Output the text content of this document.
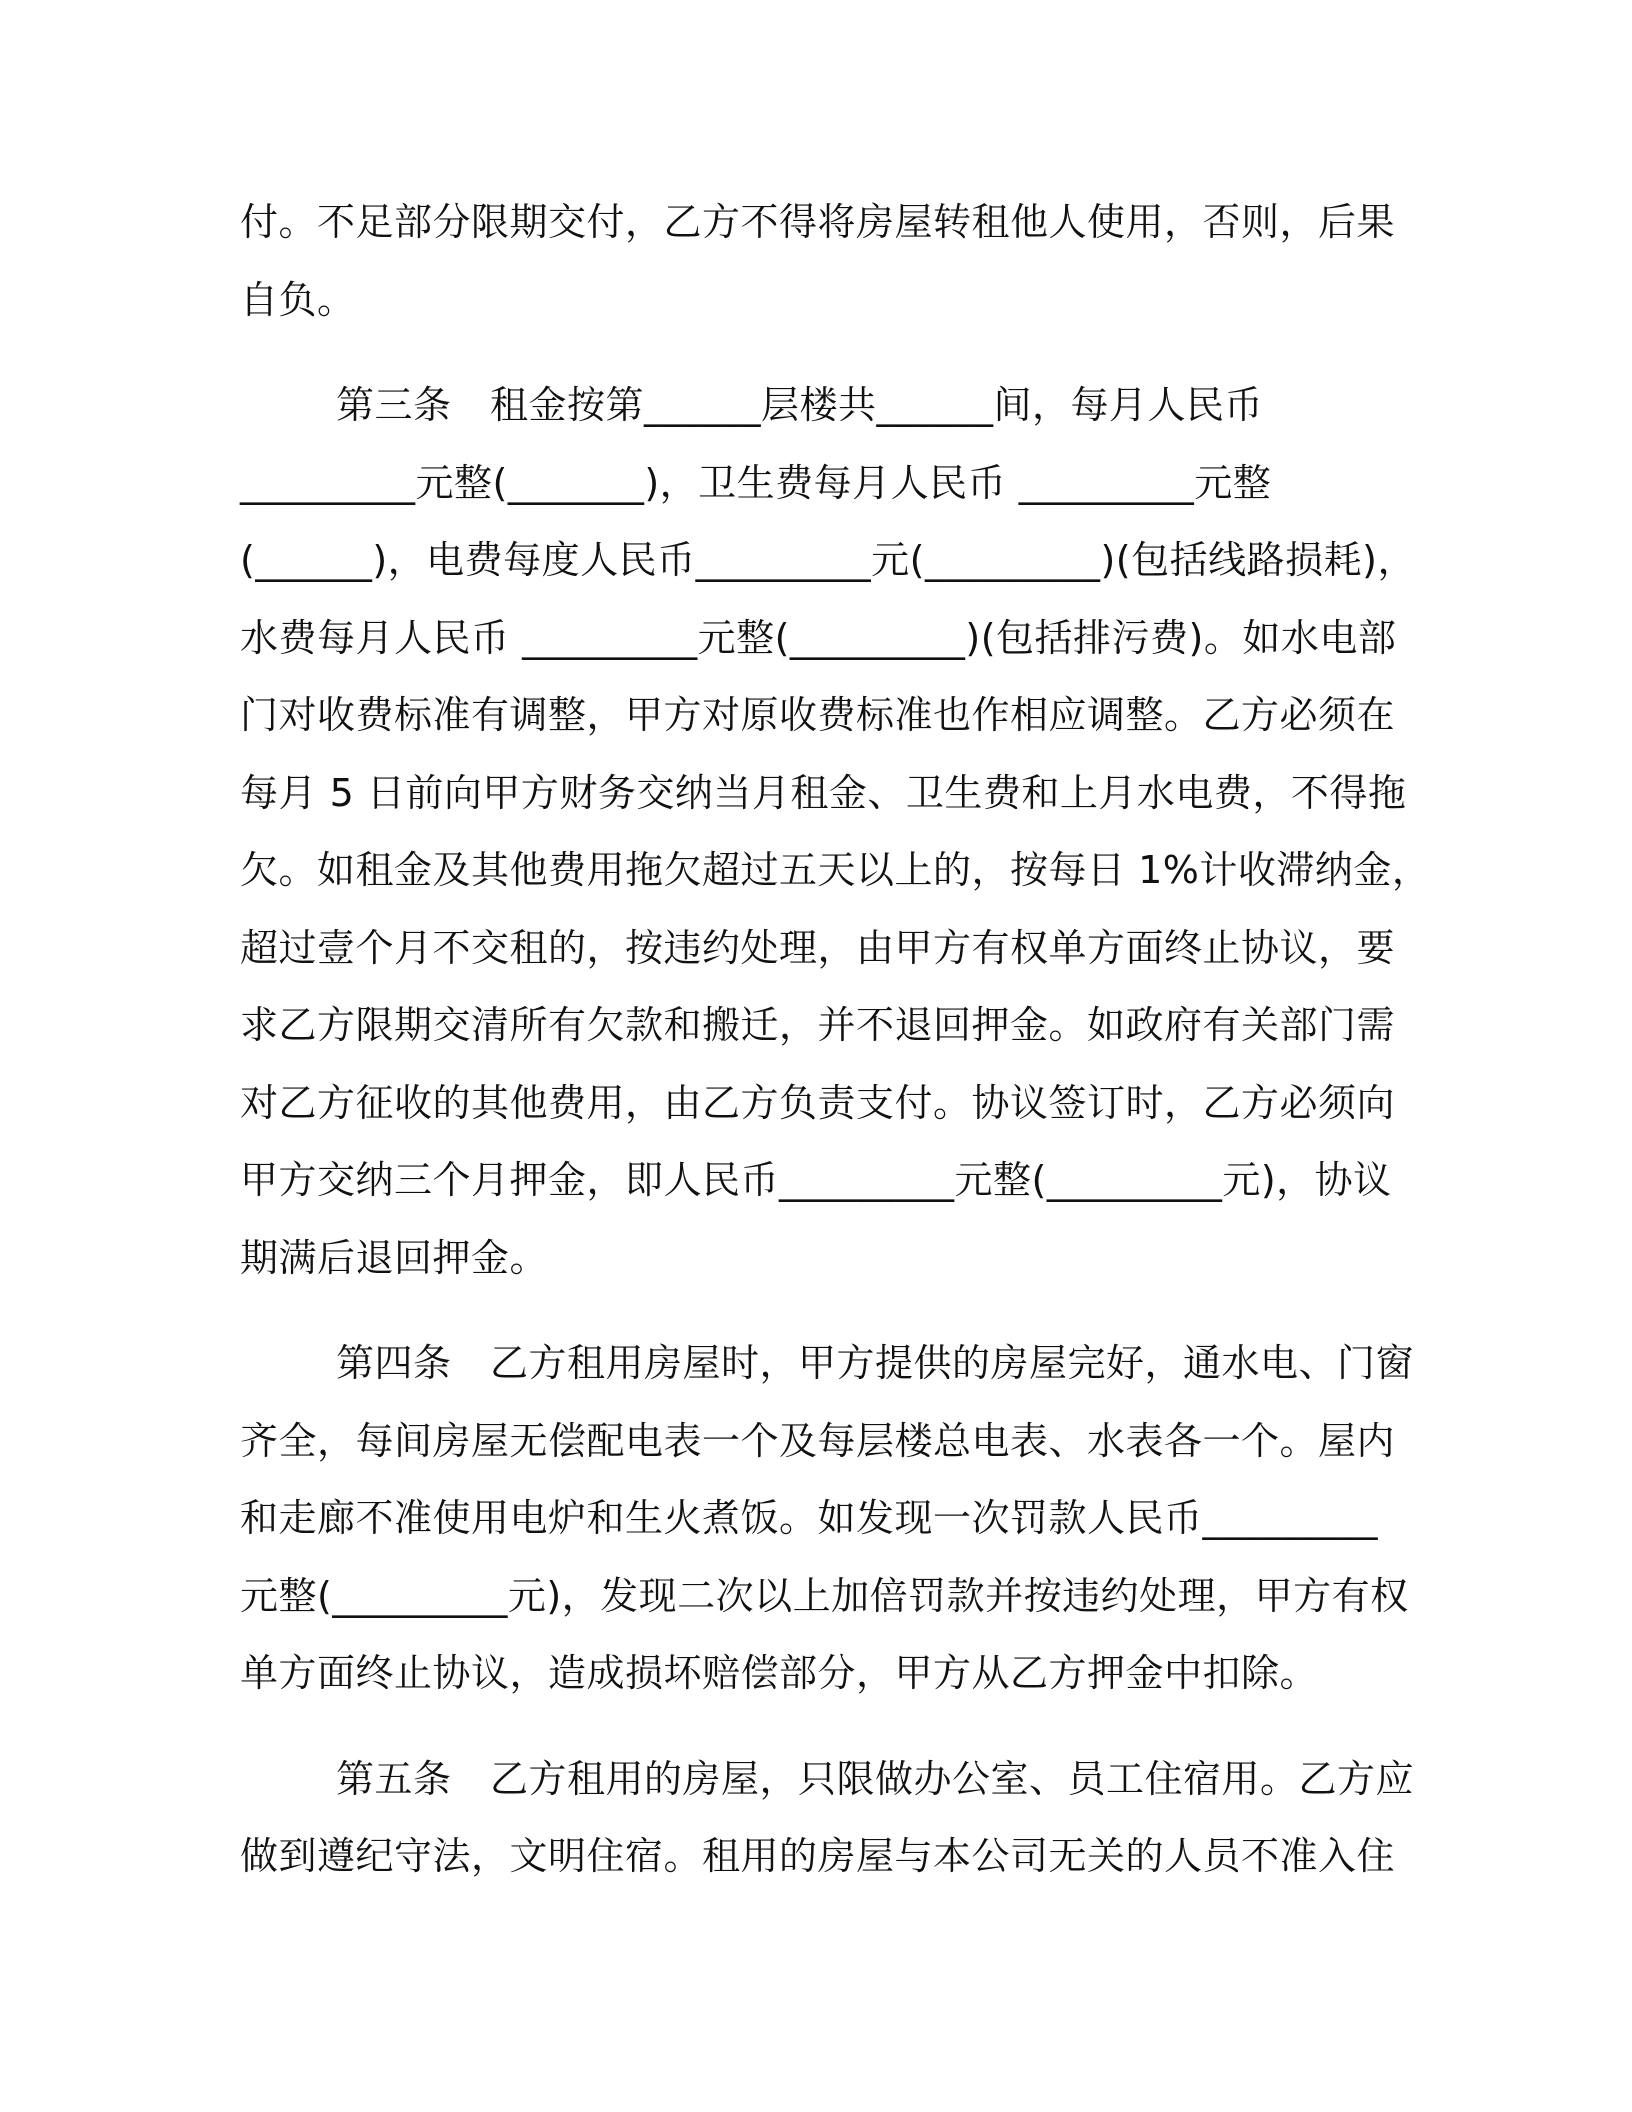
付。不足部分限期交付，乙方不得将房屋转租他人使用，否则，后果
自负。
第三条　租金按第______层楼共______间，每月人民币
_________元整(_______)，卫生费每月人民币 _________元整
(______)，电费每度人民币_________元(_________)(包括线路损耗)，
水费每月人民币 _________元整(_________)(包括排污费)。如水电部
门对收费标准有调整，甲方对原收费标准也作相应调整。乙方必须在
每月 5 日前向甲方财务交纳当月租金、卫生费和上月水电费，不得拖
欠。如租金及其他费用拖欠超过五天以上的，按每日 1%计收滞纳金，
超过壹个月不交租的，按违约处理，由甲方有权单方面终止协议，要
求乙方限期交清所有欠款和搬迁，并不退回押金。如政府有关部门需
对乙方征收的其他费用，由乙方负责支付。协议签订时，乙方必须向
甲方交纳三个月押金，即人民币_________元整(_________元)，协议
期满后退回押金。
第四条　乙方租用房屋时，甲方提供的房屋完好，通水电、门窗
齐全，每间房屋无偿配电表一个及每层楼总电表、水表各一个。屋内
和走廊不准使用电炉和生火煮饭。如发现一次罚款人民币_________
元整(_________元)，发现二次以上加倍罚款并按违约处理，甲方有权
单方面终止协议，造成损坏赔偿部分，甲方从乙方押金中扣除。
第五条　乙方租用的房屋，只限做办公室、员工住宿用。乙方应
做到遵纪守法，文明住宿。租用的房屋与本公司无关的人员不准入住
